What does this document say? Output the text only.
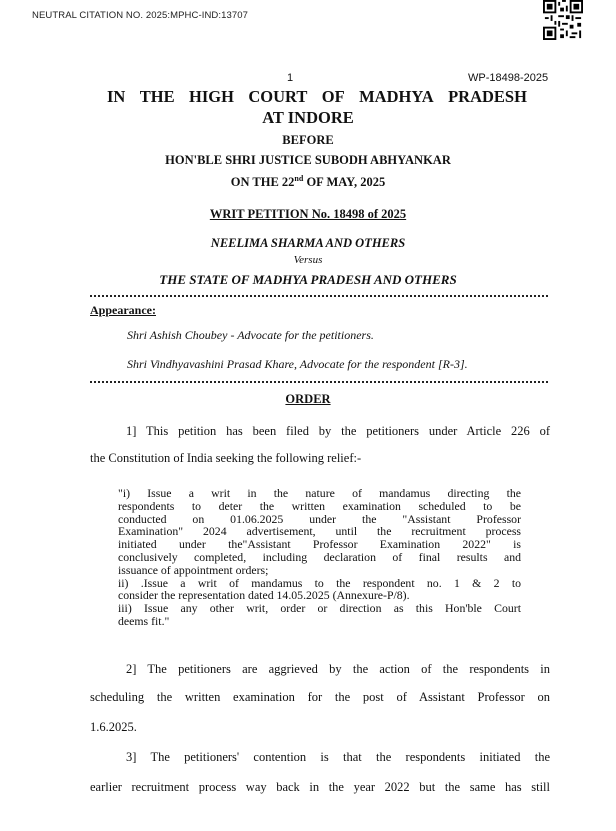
NEUTRAL CITATION NO. 2025:MPHC-IND:13707
1	WP-18498-2025
IN THE HIGH COURT OF MADHYA PRADESH
AT INDORE
BEFORE
HON'BLE SHRI JUSTICE SUBODH ABHYANKAR
ON THE 22nd OF MAY, 2025
WRIT PETITION No. 18498 of 2025
NEELIMA SHARMA AND OTHERS
Versus
THE STATE OF MADHYA PRADESH AND OTHERS
Appearance:
Shri Ashish Choubey - Advocate for the petitioners.
Shri Vindhyavashini Prasad Khare, Advocate for the respondent [R-3].
ORDER
1] This petition has been filed by the petitioners under Article 226 of
the Constitution of India seeking the following relief:-
"i) Issue a writ in the nature of mandamus directing the
respondents to deter the written examination scheduled to be
conducted on 01.06.2025 under the "Assistant Professor
Examination" 2024 advertisement, until the recruitment process
initiated under the"Assistant Professor Examination 2022" is
conclusively completed, including declaration of final results and
issuance of appointment orders;
ii) .Issue a writ of mandamus to the respondent no. 1 & 2 to
consider the representation dated 14.05.2025 (Annexure-P/8).
iii) Issue any other writ, order or direction as this Hon'ble Court
deems fit."
2] The petitioners are aggrieved by the action of the respondents in
scheduling the written examination for the post of Assistant Professor on
1.6.2025.
3] The petitioners' contention is that the respondents initiated the
earlier recruitment process way back in the year 2022 but the same has still
